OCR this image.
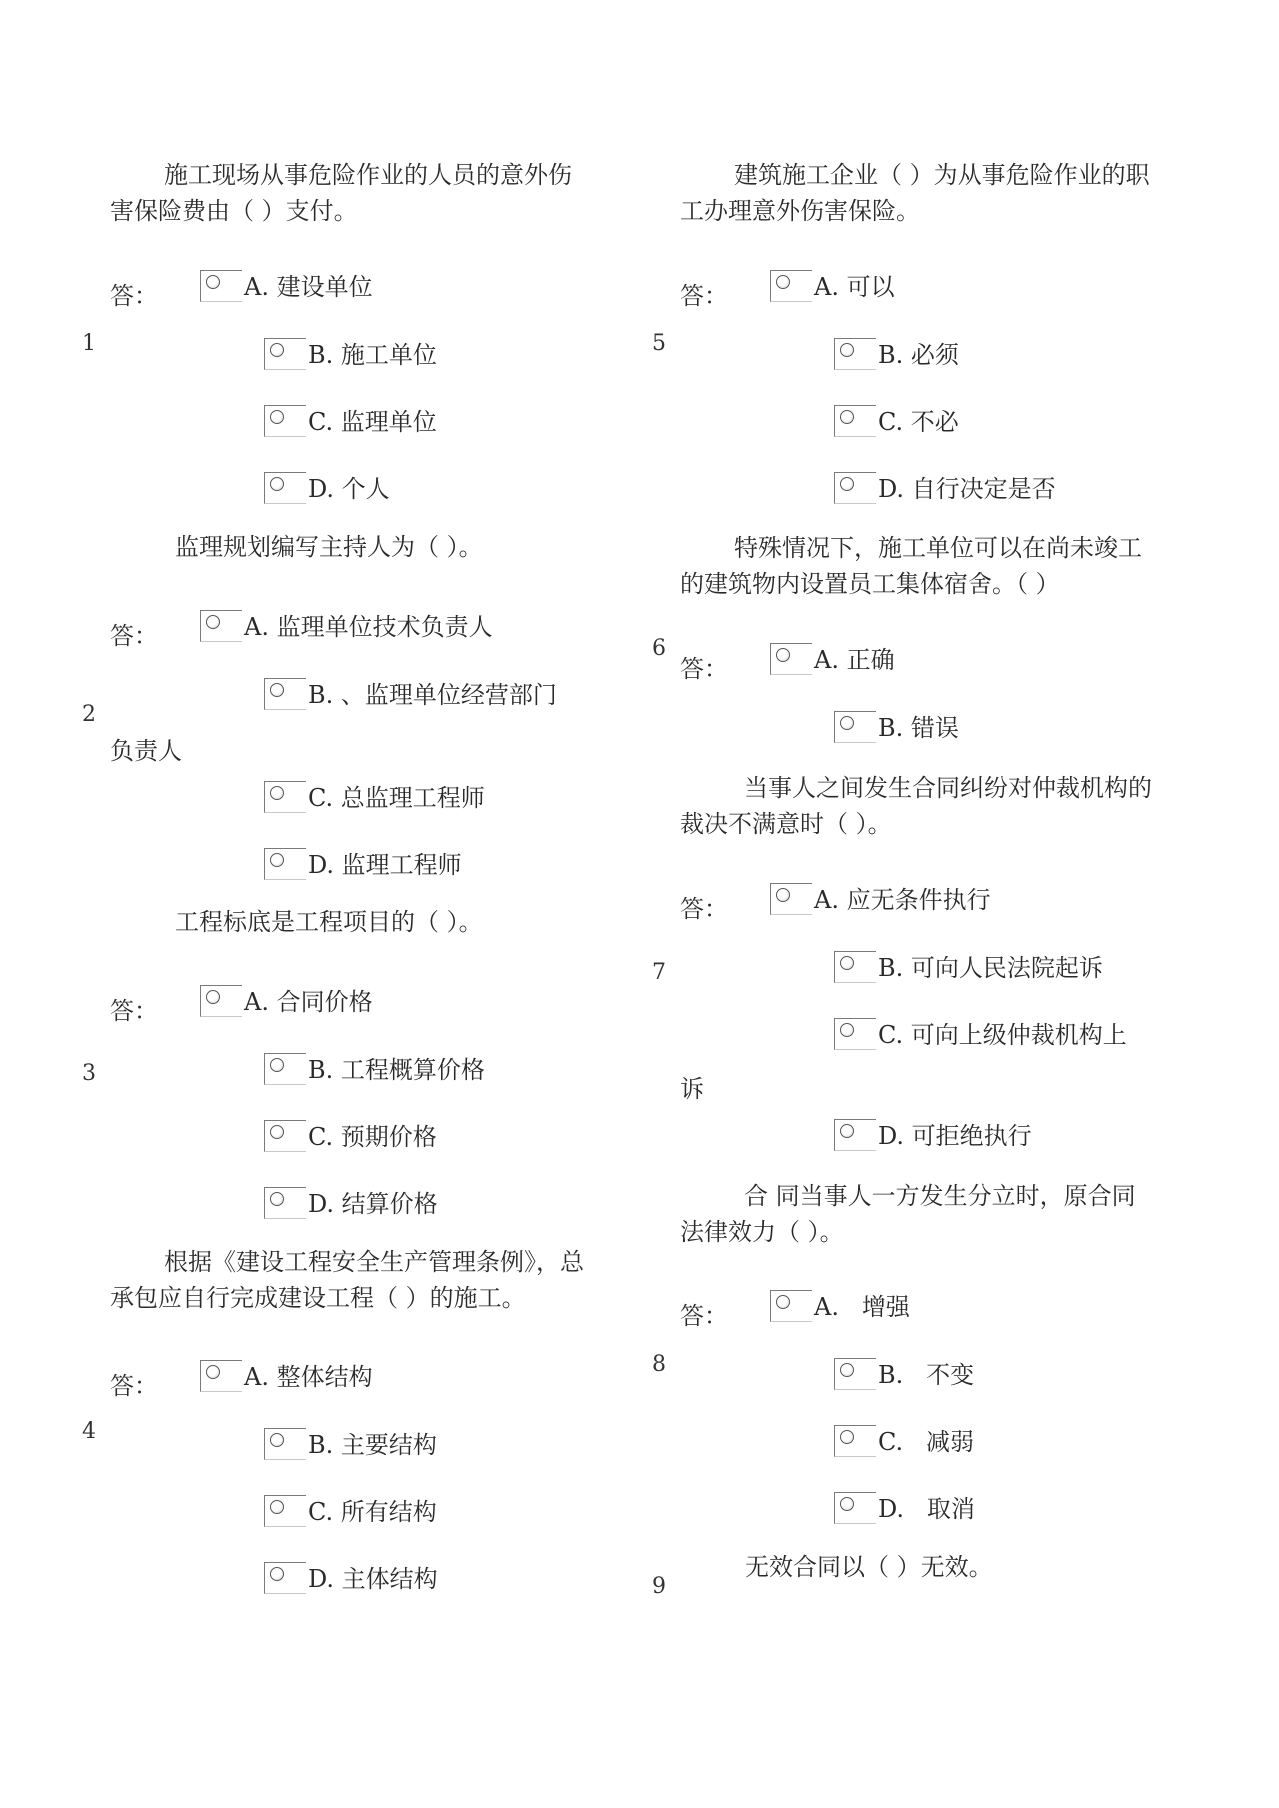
施工现场从事危险作业的人员的意外伤害保险费由（ ）支付。
1
答：	A. 建设单位
B. 施工单位
C. 监理单位
D. 个人
监理规划编写主持人为（ ）。
2
答：	A. 监理单位技术负责人
B. 、监理单位经营部门
负责人
C. 总监理工程师
D. 监理工程师
工程标底是工程项目的（ ）。
3
答：	A. 合同价格
B. 工程概算价格
C. 预期价格
D. 结算价格
根据《建设工程安全生产管理条例》，总承包应自行完成建设工程（ ）的施工。
4
答：	A. 整体结构
B. 主要结构
C. 所有结构
D. 主体结构
建筑施工企业（ ）为从事危险作业的职工办理意外伤害保险。
5
答：	A. 可以
B. 必须
C. 不必
D. 自行决定是否
特殊情况下，施工单位可以在尚未竣工的建筑物内设置员工集体宿舍。（ ）
6
答：	A. 正确
B. 错误
当事人之间发生合同纠纷对仲裁机构的裁决不满意时（ ）。
7
答：	A. 应无条件执行
B. 可向人民法院起诉
C. 可向上级仲裁机构上
诉
D. 可拒绝执行
合 同当事人一方发生分立时，原合同法律效力（ ）。
8
答：	A.   增强
B.   不变
C.   减弱
D.   取消
无效合同以（ ）无效。
9
